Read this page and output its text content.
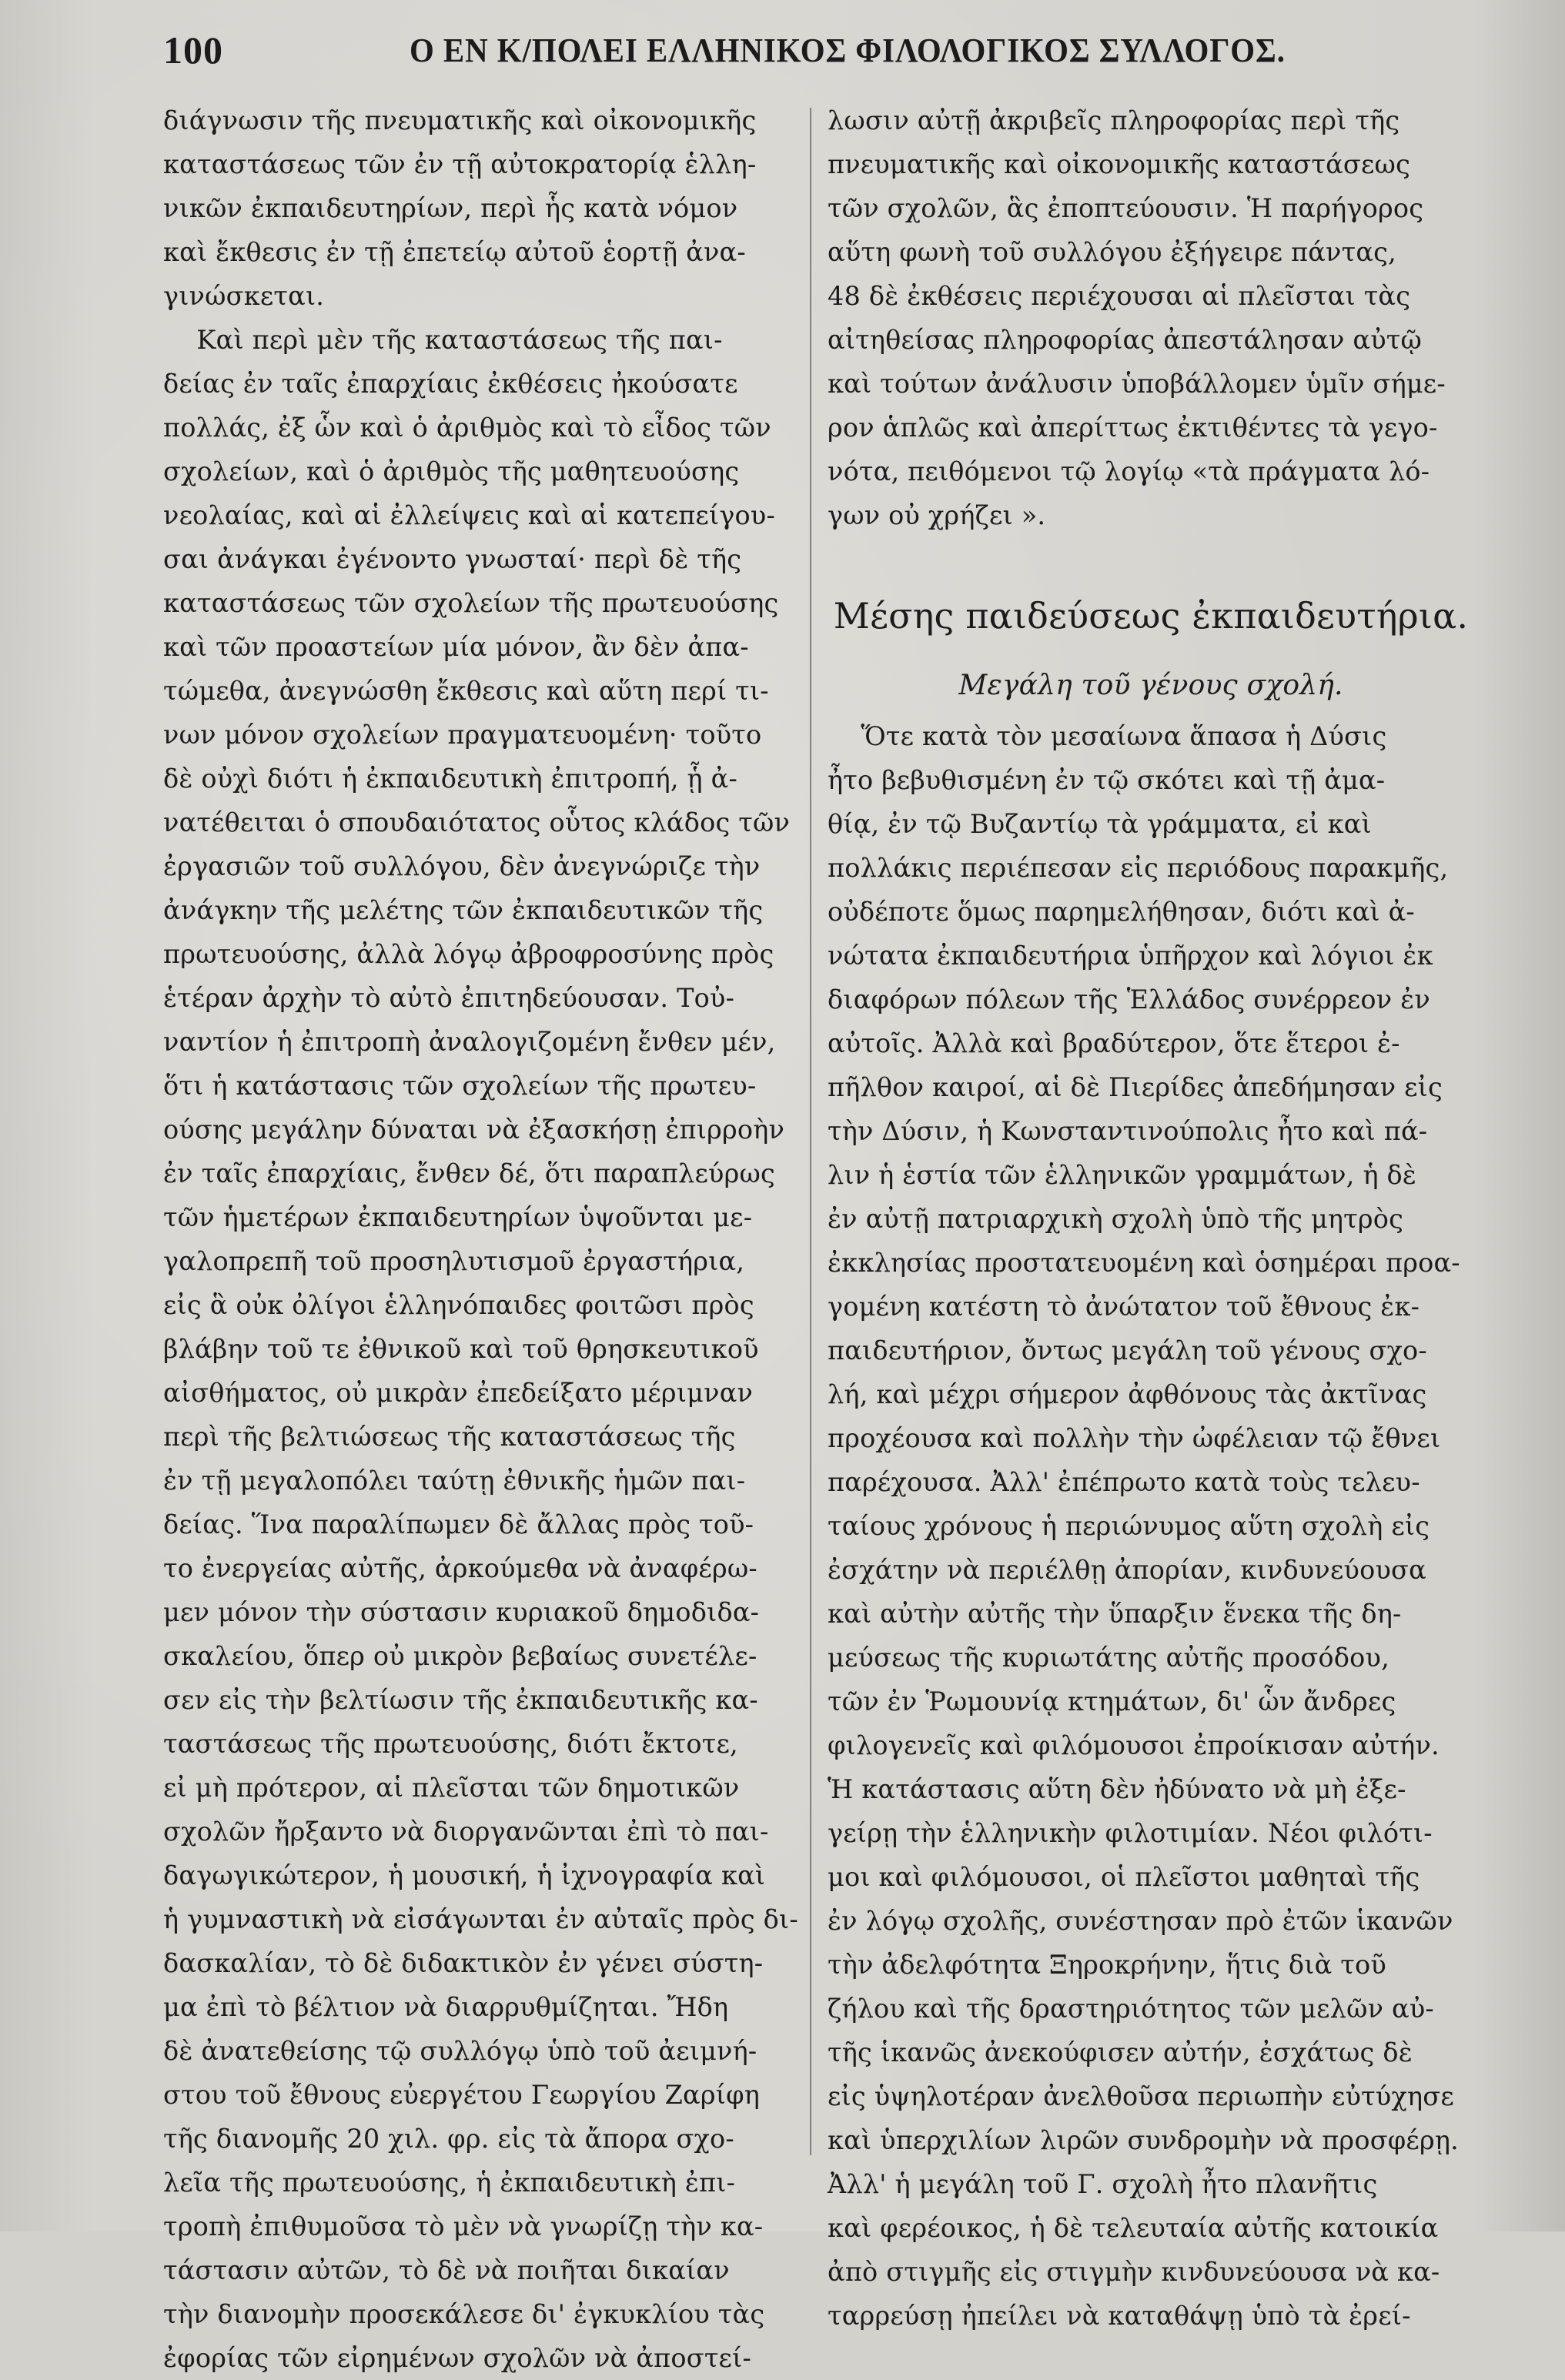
100	Ο ΕΝ Κ/ΠΟΛΕΙ ΕΛΛΗΝΙΚΟΣ ΦΙΛΟΛΟΓΙΚΟΣ ΣΥΛΛΟΓΟΣ.
διάγνωσιν τῆς πνευματικῆς καὶ οἰκονομικῆς
καταστάσεως τῶν ἐν τῇ αὐτοκρατορίᾳ ἑλλη-
νικῶν ἐκπαιδευτηρίων, περὶ ἧς κατὰ νόμον
καὶ ἔκθεσις ἐν τῇ ἐπετείῳ αὐτοῦ ἑορτῇ ἀνα-
γινώσκεται.
Καὶ περὶ μὲν τῆς καταστάσεως τῆς παι-
δείας ἐν ταῖς ἐπαρχίαις ἐκθέσεις ἠκούσατε
πολλάς, ἐξ ὧν καὶ ὁ ἀριθμὸς καὶ τὸ εἶδος τῶν
σχολείων, καὶ ὁ ἀριθμὸς τῆς μαθητευούσης
νεολαίας, καὶ αἱ ἐλλείψεις καὶ αἱ κατεπείγου-
σαι ἀνάγκαι ἐγένοντο γνωσταί· περὶ δὲ τῆς
καταστάσεως τῶν σχολείων τῆς πρωτευούσης
καὶ τῶν προαστείων μία μόνον, ἂν δὲν ἀπα-
τώμεθα, ἀνεγνώσθη ἔκθεσις καὶ αὕτη περί τι-
νων μόνον σχολείων πραγματευομένη· τοῦτο
δὲ οὐχὶ διότι ἡ ἐκπαιδευτικὴ ἐπιτροπή, ᾗ ἀ-
νατέθειται ὁ σπουδαιότατος οὗτος κλάδος τῶν
ἐργασιῶν τοῦ συλλόγου, δὲν ἀνεγνώριζε τὴν
ἀνάγκην τῆς μελέτης τῶν ἐκπαιδευτικῶν τῆς
πρωτευούσης, ἀλλὰ λόγῳ ἀβροφροσύνης πρὸς
ἑτέραν ἀρχὴν τὸ αὐτὸ ἐπιτηδεύουσαν. Τοὐ-
ναντίον ἡ ἐπιτροπὴ ἀναλογιζομένη ἔνθεν μέν,
ὅτι ἡ κατάστασις τῶν σχολείων τῆς πρωτευ-
ούσης μεγάλην δύναται νὰ ἐξασκήσῃ ἐπιρροὴν
ἐν ταῖς ἐπαρχίαις, ἔνθεν δέ, ὅτι παραπλεύρως
τῶν ἡμετέρων ἐκπαιδευτηρίων ὑψοῦνται με-
γαλοπρεπῆ τοῦ προσηλυτισμοῦ ἐργαστήρια,
εἰς ἃ οὐκ ὀλίγοι ἑλληνόπαιδες φοιτῶσι πρὸς
βλάβην τοῦ τε ἐθνικοῦ καὶ τοῦ θρησκευτικοῦ
αἰσθήματος, οὐ μικρὰν ἐπεδείξατο μέριμναν
περὶ τῆς βελτιώσεως τῆς καταστάσεως τῆς
ἐν τῇ μεγαλοπόλει ταύτῃ ἐθνικῆς ἡμῶν παι-
δείας. Ἵνα παραλίπωμεν δὲ ἄλλας πρὸς τοῦ-
το ἐνεργείας αὐτῆς, ἀρκούμεθα νὰ ἀναφέρω-
μεν μόνον τὴν σύστασιν κυριακοῦ δημοδιδα-
σκαλείου, ὅπερ οὐ μικρὸν βεβαίως συνετέλε-
σεν εἰς τὴν βελτίωσιν τῆς ἐκπαιδευτικῆς κα-
ταστάσεως τῆς πρωτευούσης, διότι ἔκτοτε,
εἰ μὴ πρότερον, αἱ πλεῖσται τῶν δημοτικῶν
σχολῶν ἤρξαντο νὰ διοργανῶνται ἐπὶ τὸ παι-
δαγωγικώτερον, ἡ μουσική, ἡ ἰχνογραφία καὶ
ἡ γυμναστικὴ νὰ εἰσάγωνται ἐν αὐταῖς πρὸς δι-
δασκαλίαν, τὸ δὲ διδακτικὸν ἐν γένει σύστη-
μα ἐπὶ τὸ βέλτιον νὰ διαρρυθμίζηται. Ἤδη
δὲ ἀνατεθείσης τῷ συλλόγῳ ὑπὸ τοῦ ἀειμνή-
στου τοῦ ἔθνους εὐεργέτου Γεωργίου Ζαρίφη
τῆς διανομῆς 20 χιλ. φρ. εἰς τὰ ἄπορα σχο-
λεῖα τῆς πρωτευούσης, ἡ ἐκπαιδευτικὴ ἐπι-
τροπὴ ἐπιθυμοῦσα τὸ μὲν νὰ γνωρίζῃ τὴν κα-
τάστασιν αὐτῶν, τὸ δὲ νὰ ποιῆται δικαίαν
τὴν διανομὴν προσεκάλεσε δι' ἐγκυκλίου τὰς
ἐφορίας τῶν εἰρημένων σχολῶν νὰ ἀποστεί-
λωσιν αὐτῇ ἀκριβεῖς πληροφορίας περὶ τῆς
πνευματικῆς καὶ οἰκονομικῆς καταστάσεως
τῶν σχολῶν, ἃς ἐποπτεύουσιν. Ἡ παρήγορος
αὕτη φωνὴ τοῦ συλλόγου ἐξήγειρε πάντας,
48 δὲ ἐκθέσεις περιέχουσαι αἱ πλεῖσται τὰς
αἰτηθείσας πληροφορίας ἀπεστάλησαν αὐτῷ
καὶ τούτων ἀνάλυσιν ὑποβάλλομεν ὑμῖν σήμε-
ρον ἁπλῶς καὶ ἀπερίττως ἐκτιθέντες τὰ γεγο-
νότα, πειθόμενοι τῷ λογίῳ «τὰ πράγματα λό-
γων οὐ χρήζει ».
Μέσης παιδεύσεως ἐκπαιδευτήρια.
Μεγάλη τοῦ γένους σχολή.
Ὅτε κατὰ τὸν μεσαίωνα ἅπασα ἡ Δύσις
ἦτο βεβυθισμένη ἐν τῷ σκότει καὶ τῇ ἀμα-
θίᾳ, ἐν τῷ Βυζαντίῳ τὰ γράμματα, εἰ καὶ
πολλάκις περιέπεσαν εἰς περιόδους παρακμῆς,
οὐδέποτε ὅμως παρημελήθησαν, διότι καὶ ἀ-
νώτατα ἐκπαιδευτήρια ὑπῆρχον καὶ λόγιοι ἐκ
διαφόρων πόλεων τῆς Ἑλλάδος συνέρρεον ἐν
αὐτοῖς. Ἀλλὰ καὶ βραδύτερον, ὅτε ἕτεροι ἐ-
πῆλθον καιροί, αἱ δὲ Πιερίδες ἀπεδήμησαν εἰς
τὴν Δύσιν, ἡ Κωνσταντινούπολις ἦτο καὶ πά-
λιν ἡ ἑστία τῶν ἑλληνικῶν γραμμάτων, ἡ δὲ
ἐν αὐτῇ πατριαρχικὴ σχολὴ ὑπὸ τῆς μητρὸς
ἐκκλησίας προστατευομένη καὶ ὁσημέραι προα-
γομένη κατέστη τὸ ἀνώτατον τοῦ ἔθνους ἐκ-
παιδευτήριον, ὄντως μεγάλη τοῦ γένους σχο-
λή, καὶ μέχρι σήμερον ἀφθόνους τὰς ἀκτῖνας
προχέουσα καὶ πολλὴν τὴν ὠφέλειαν τῷ ἔθνει
παρέχουσα. Ἀλλ' ἐπέπρωτο κατὰ τοὺς τελευ-
ταίους χρόνους ἡ περιώνυμος αὕτη σχολὴ εἰς
ἐσχάτην νὰ περιέλθῃ ἀπορίαν, κινδυνεύουσα
καὶ αὐτὴν αὐτῆς τὴν ὕπαρξιν ἕνεκα τῆς δη-
μεύσεως τῆς κυριωτάτης αὐτῆς προσόδου,
τῶν ἐν Ῥωμουνίᾳ κτημάτων, δι' ὧν ἄνδρες
φιλογενεῖς καὶ φιλόμουσοι ἐπροίκισαν αὐτήν.
Ἡ κατάστασις αὕτη δὲν ἠδύνατο νὰ μὴ ἐξε-
γείρῃ τὴν ἑλληνικὴν φιλοτιμίαν. Νέοι φιλότι-
μοι καὶ φιλόμουσοι, οἱ πλεῖστοι μαθηταὶ τῆς
ἐν λόγῳ σχολῆς, συνέστησαν πρὸ ἐτῶν ἱκανῶν
τὴν ἀδελφότητα Ξηροκρήνην, ἥτις διὰ τοῦ
ζήλου καὶ τῆς δραστηριότητος τῶν μελῶν αὐ-
τῆς ἱκανῶς ἀνεκούφισεν αὐτήν, ἐσχάτως δὲ
εἰς ὑψηλοτέραν ἀνελθοῦσα περιωπὴν εὐτύχησε
καὶ ὑπερχιλίων λιρῶν συνδρομὴν νὰ προσφέρῃ.
Ἀλλ' ἡ μεγάλη τοῦ Γ. σχολὴ ἦτο πλανῆτις
καὶ φερέοικος, ἡ δὲ τελευταία αὐτῆς κατοικία
ἀπὸ στιγμῆς εἰς στιγμὴν κινδυνεύουσα νὰ κα-
ταρρεύσῃ ἠπείλει νὰ καταθάψῃ ὑπὸ τὰ ἐρεί-
